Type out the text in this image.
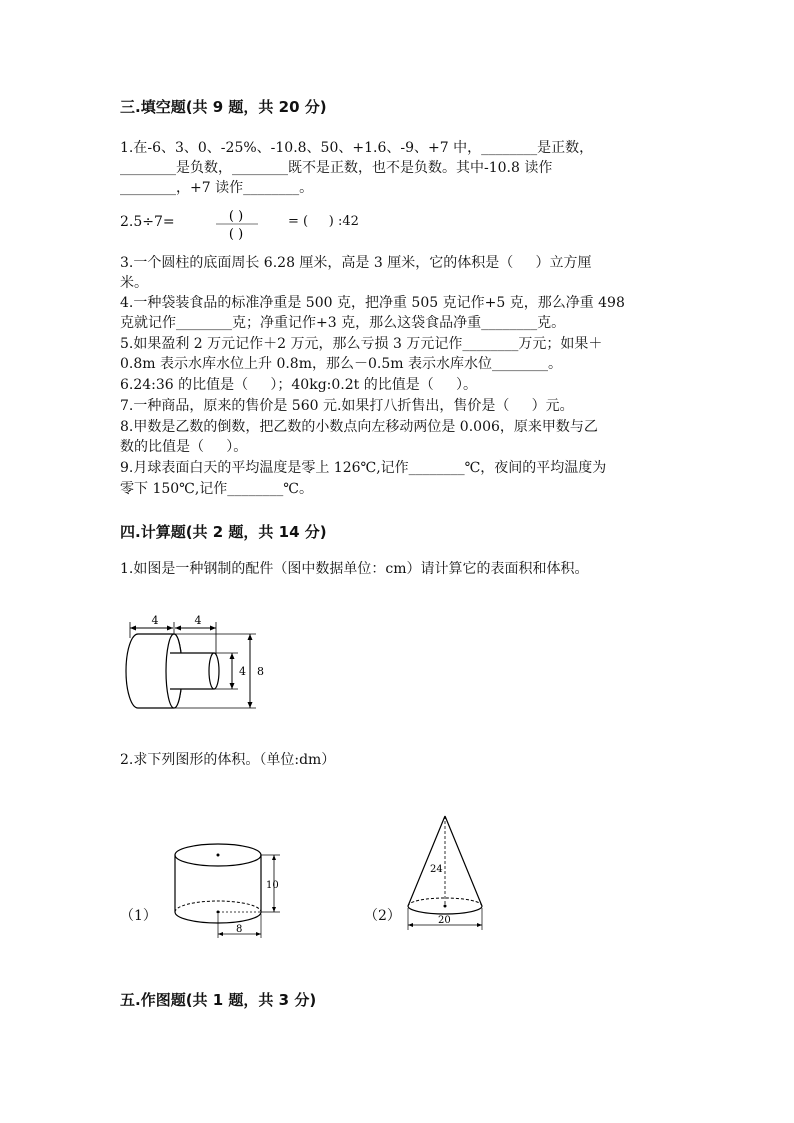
三.填空题(共 9 题，共 20 分)
1.在-6、3、0、-25%、-10.8、50、+1.6、-9、+7 中，________是正数，
________是负数，________既不是正数，也不是负数。其中-10.8 读作
________，+7 读作________。
2.5÷7=	( )
( )
= (     ) :42
3.一个圆柱的底面周长 6.28 厘米，高是 3 厘米，它的体积是（     ）立方厘
米。
4.一种袋装食品的标准净重是 500 克，把净重 505 克记作+5 克，那么净重 498
克就记作________克；净重记作+3 克，那么这袋食品净重________克。
5.如果盈利 2 万元记作＋2 万元，那么亏损 3 万元记作________万元；如果＋
0.8m 表示水库水位上升 0.8m，那么－0.5m 表示水库水位________。
6.24:36 的比值是（     ）；40kg:0.2t 的比值是（     ）。
7.一种商品，原来的售价是 560 元.如果打八折售出，售价是（     ）元。
8.甲数是乙数的倒数，把乙数的小数点向左移动两位是 0.006，原来甲数与乙
数的比值是（     ）。
9.月球表面白天的平均温度是零上 126℃,记作________℃，夜间的平均温度为
零下 150℃,记作________℃。
四.计算题(共 2 题，共 14 分)
1.如图是一种钢制的配件（图中数据单位：cm）请计算它的表面积和体积。
4	4
4 8
2.求下列图形的体积。（单位:dm）
（1）
10
8
（2）
24
20
五.作图题(共 1 题，共 3 分)
